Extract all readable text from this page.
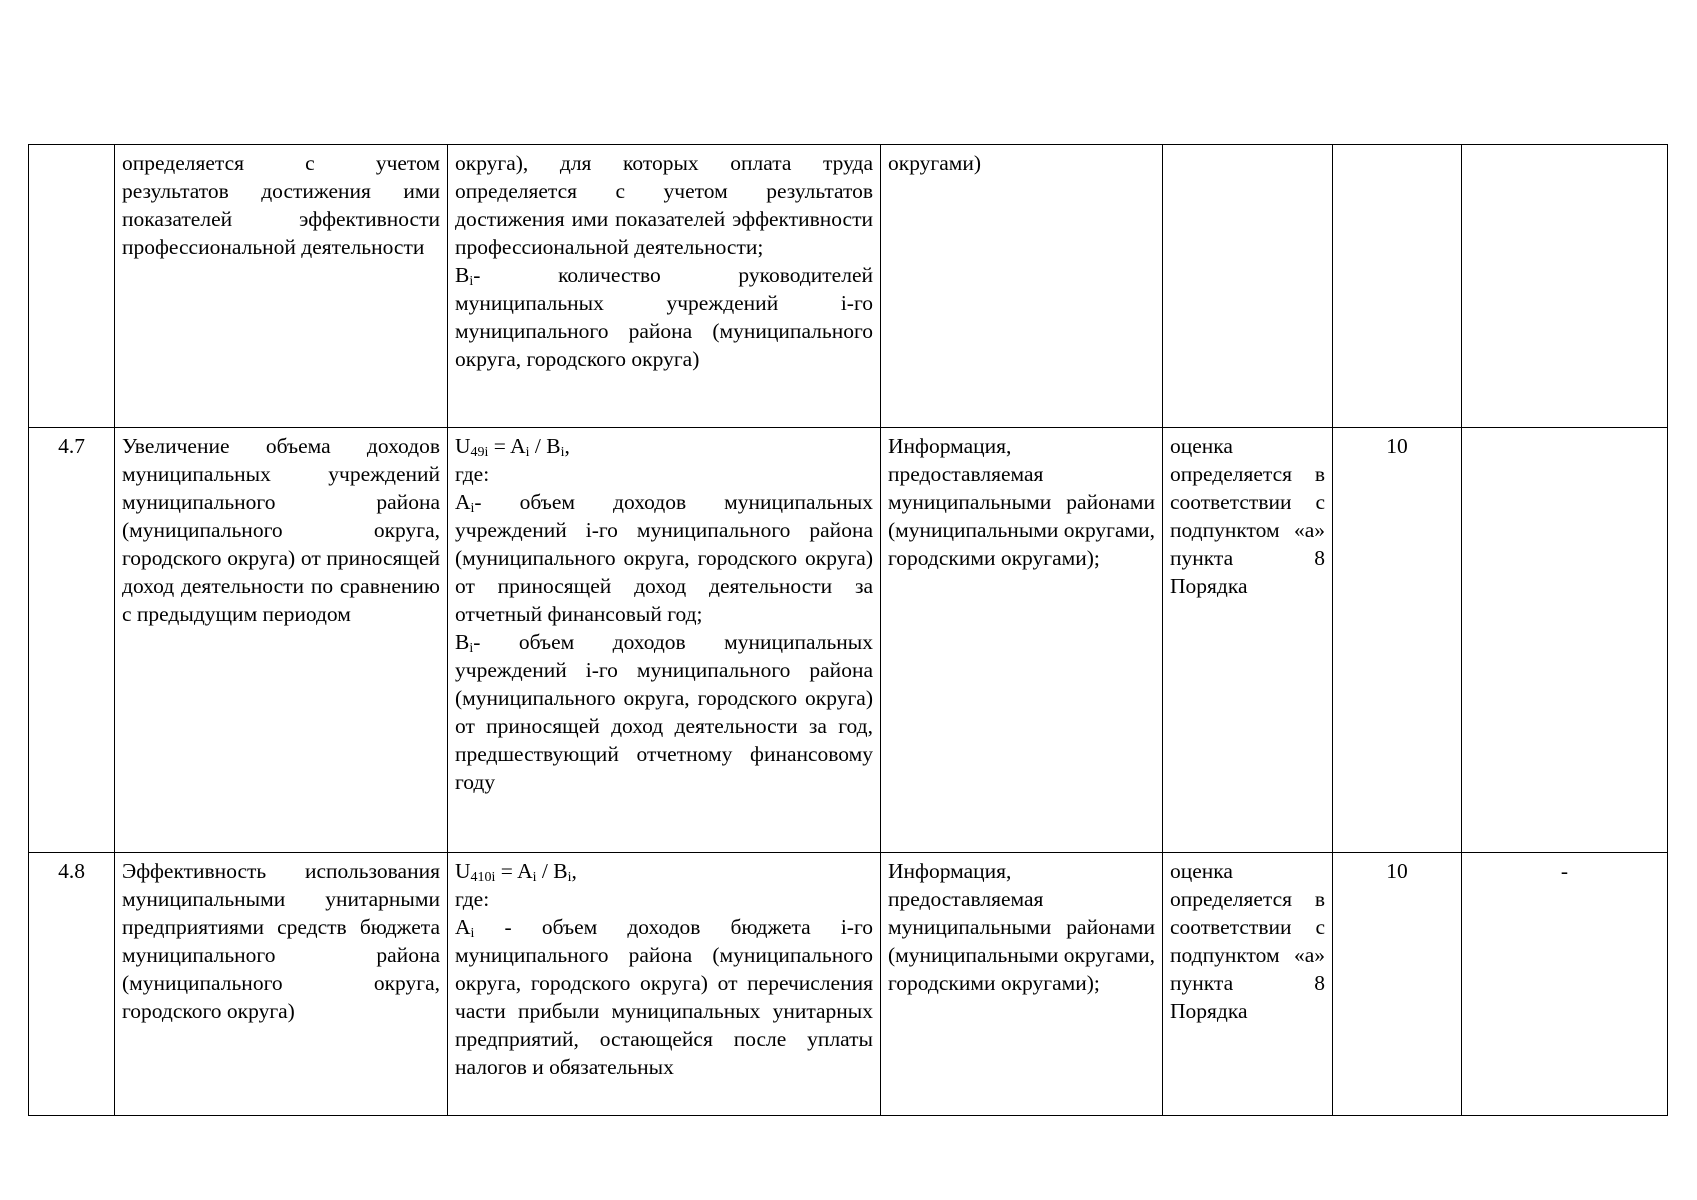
	определяется с учетом результатов достижения ими показателей эффективности профессиональной деятельности	округа), для которых оплата труда определяется с учетом результатов достижения ими показателей эффективности профессиональной деятельности;
$B_i-$ количество руководителей муниципальных учреждений i-го муниципального района (муниципального округа, городского округа)	округами)			
4.7	Увеличение объема доходов муниципальных учреждений муниципального района (муниципального округа, городского округа) от приносящей доход деятельности по сравнению с предыдущим периодом	$U_{49i} = A_i / B_i$,
где:
$A_i-$ объем доходов муниципальных учреждений i-го муниципального района (муниципального округа, городского округа) от приносящей доход деятельности за отчетный финансовый год;
$B_i-$ объем доходов муниципальных учреждений i-го муниципального района (муниципального округа, городского округа) от приносящей доход деятельности за год, предшествующий отчетному финансовому году	Информация, предоставляемая муниципальными районами (муниципальными округами, городскими округами);	оценка определяется в соответствии с подпунктом «а» пункта 8 Порядка	10	
4.8	Эффективность использования муниципальными унитарными предприятиями средств бюджета муниципального района (муниципального округа, городского округа)	$U_{410i} = A_i / B_i$,
где:
$A_i$ - объем доходов бюджета i-го муниципального района (муниципального округа, городского округа) от перечисления части прибыли муниципальных унитарных предприятий, остающейся после уплаты налогов и обязательных	Информация, предоставляемая муниципальными районами (муниципальными округами, городскими округами);	оценка определяется в соответствии с подпунктом «а» пункта 8 Порядка	10	-
